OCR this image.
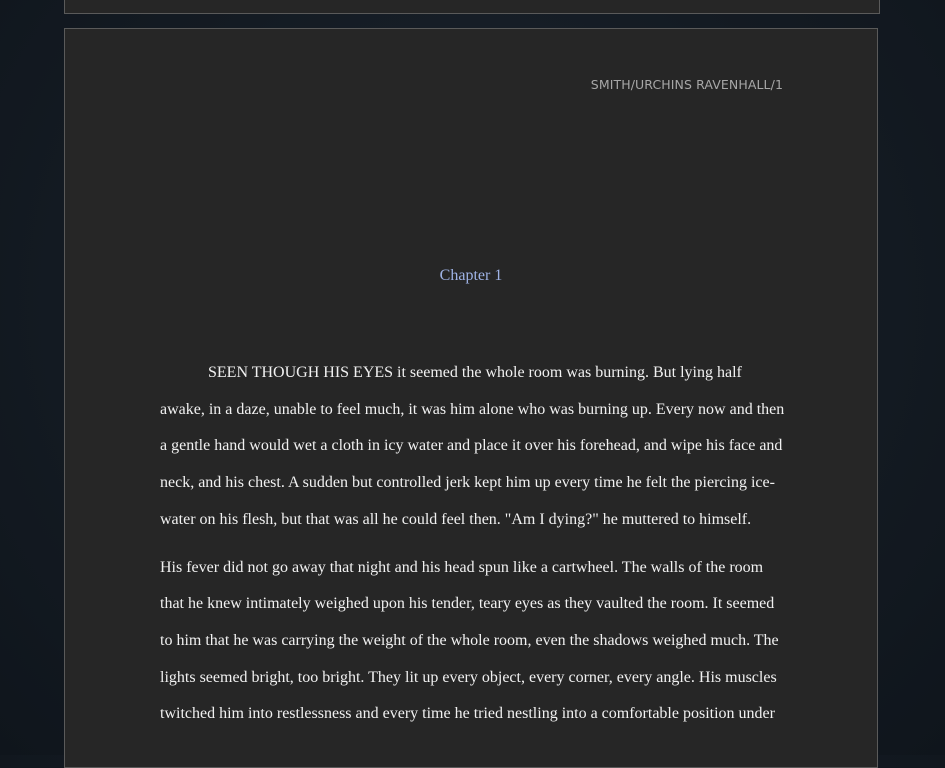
SMITH/URCHINS RAVENHALL/1
Chapter 1

SEEN THOUGH HIS EYES it seemed the whole room was burning. But lying half awake, in a daze, unable to feel much, it was him alone who was burning up. Every now and then a gentle hand would wet a cloth in icy water and place it over his forehead, and wipe his face and neck, and his chest. A sudden but controlled jerk kept him up every time he felt the piercing ice-water on his flesh, but that was all he could feel then. "Am I dying?" he muttered to himself.

His fever did not go away that night and his head spun like a cartwheel. The walls of the room that he knew intimately weighed upon his tender, teary eyes as they vaulted the room. It seemed to him that he was carrying the weight of the whole room, even the shadows weighed much. The lights seemed bright, too bright. They lit up every object, every corner, every angle. His muscles twitched him into restlessness and every time he tried nestling into a comfortable position under
